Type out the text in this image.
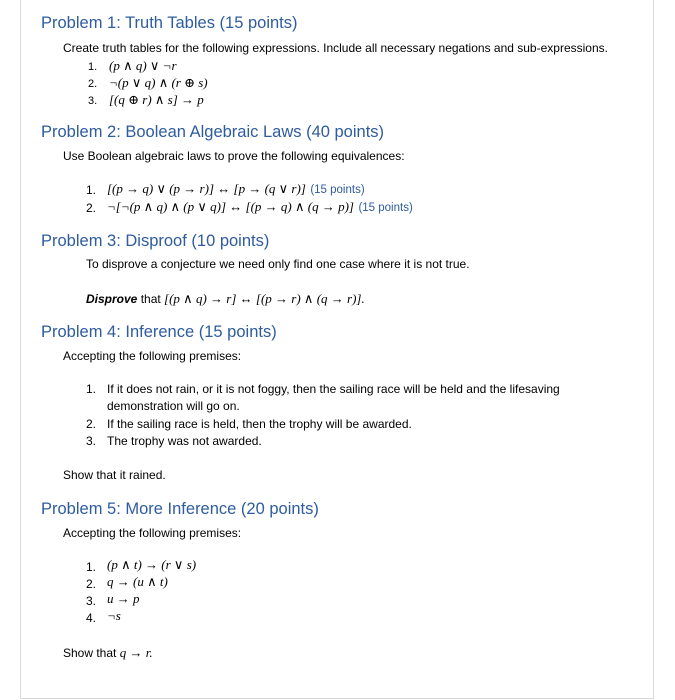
Problem 1: Truth Tables (15 points)
Create truth tables for the following expressions. Include all necessary negations and sub-expressions.
1. (p ∧ q) ∨ ¬r
2. ¬(p ∨ q) ∧ (r ⊕ s)
3. [(q ⊕ r) ∧ s] → p
Problem 2: Boolean Algebraic Laws (40 points)
Use Boolean algebraic laws to prove the following equivalences:
1. [(p → q) ∨ (p → r)] ↔ [p → (q ∨ r)] (15 points)
2. ¬[¬(p ∧ q) ∧ (p ∨ q)] ↔ [(p → q) ∧ (q → p)] (15 points)
Problem 3: Disproof (10 points)
To disprove a conjecture we need only find one case where it is not true.
Disprove that [(p ∧ q) → r] ↔ [(p → r) ∧ (q → r)].
Problem 4: Inference (15 points)
Accepting the following premises:
1. If it does not rain, or it is not foggy, then the sailing race will be held and the lifesaving
demonstration will go on.
2. If the sailing race is held, then the trophy will be awarded.
3. The trophy was not awarded.
Show that it rained.
Problem 5: More Inference (20 points)
Accepting the following premises:
1. (p ∧ t) → (r ∨ s)
2. q → (u ∧ t)
3. u → p
4. ¬s
Show that q → r.
